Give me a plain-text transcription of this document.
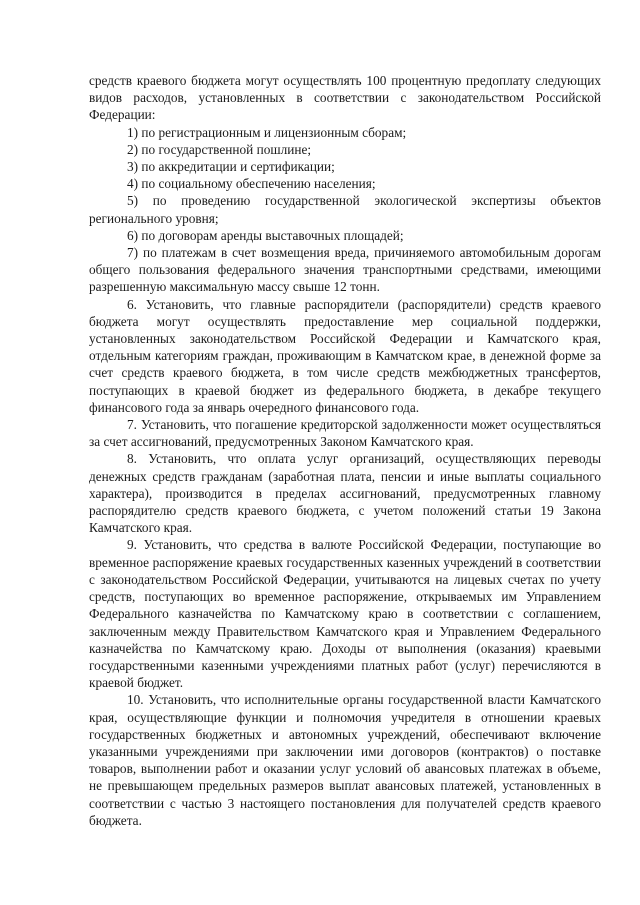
средств краевого бюджета могут осуществлять 100 процентную предоплату следующих видов расходов, установленных в соответствии с законодательством Российской Федерации:

1) по регистрационным и лицензионным сборам;

2) по государственной пошлине;

3) по аккредитации и сертификации;

4) по социальному обеспечению населения;

5) по проведению государственной экологической экспертизы объектов регионального уровня;

6) по договорам аренды выставочных площадей;

7) по платежам в счет возмещения вреда, причиняемого автомобильным дорогам общего пользования федерального значения транспортными средствами, имеющими разрешенную максимальную массу свыше 12 тонн.

6. Установить, что главные распорядители (распорядители) средств краевого бюджета могут осуществлять предоставление мер социальной поддержки, установленных законодательством Российской Федерации и Камчатского края, отдельным категориям граждан, проживающим в Камчатском крае, в денежной форме за счет средств краевого бюджета, в том числе средств межбюджетных трансфертов, поступающих в краевой бюджет из федерального бюджета, в декабре текущего финансового года за январь очередного финансового года.

7. Установить, что погашение кредиторской задолженности может осуществляться за счет ассигнований, предусмотренных Законом Камчатского края.

8. Установить, что оплата услуг организаций, осуществляющих переводы денежных средств гражданам (заработная плата, пенсии и иные выплаты социального характера), производится в пределах ассигнований, предусмотренных главному распорядителю средств краевого бюджета, с учетом положений статьи 19 Закона Камчатского края.

9. Установить, что средства в валюте Российской Федерации, поступающие во временное распоряжение краевых государственных казенных учреждений в соответствии с законодательством Российской Федерации, учитываются на лицевых счетах по учету средств, поступающих во временное распоряжение, открываемых им Управлением Федерального казначейства по Камчатскому краю в соответствии с соглашением, заключенным между Правительством Камчатского края и Управлением Федерального казначейства по Камчатскому краю. Доходы от выполнения (оказания) краевыми государственными казенными учреждениями платных работ (услуг) перечисляются в краевой бюджет.

10. Установить, что исполнительные органы государственной власти Камчатского края, осуществляющие функции и полномочия учредителя в отношении краевых государственных бюджетных и автономных учреждений, обеспечивают включение указанными учреждениями при заключении ими договоров (контрактов) о поставке товаров, выполнении работ и оказании услуг условий об авансовых платежах в объеме, не превышающем предельных размеров выплат авансовых платежей, установленных в соответствии с частью 3 настоящего постановления для получателей средств краевого бюджета.
